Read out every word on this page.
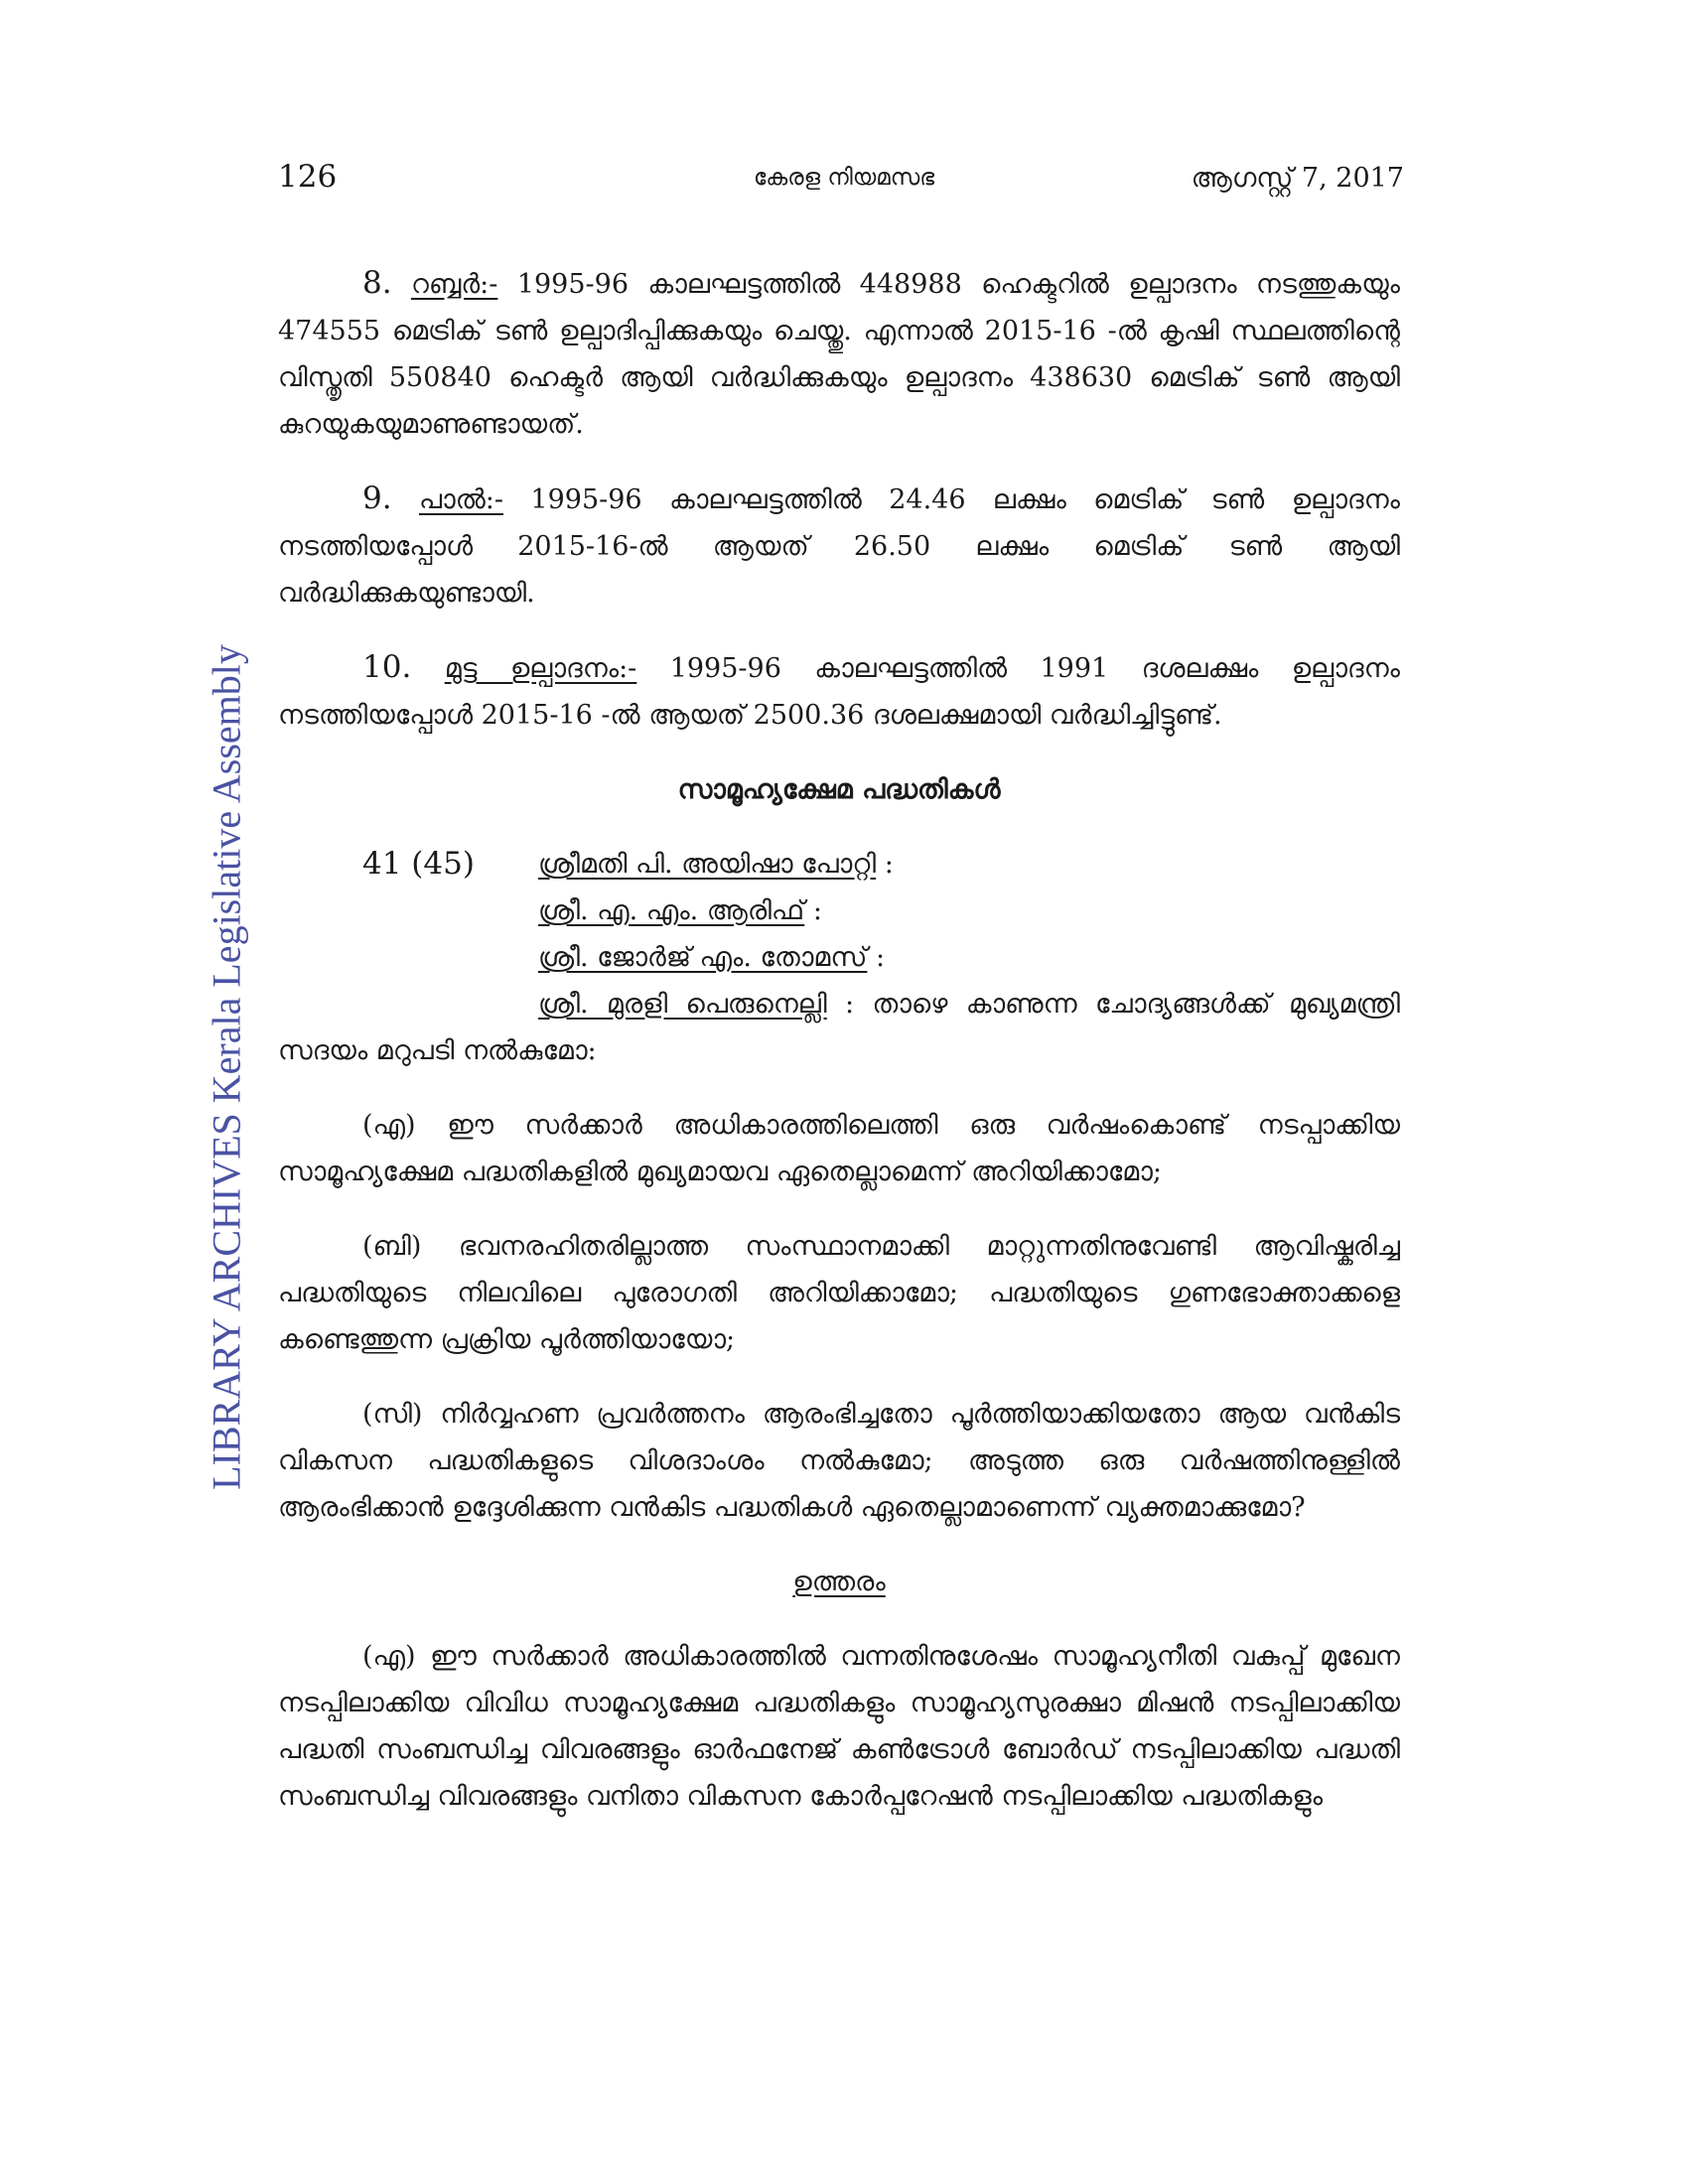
126	കേരള നിയമസഭ	ആഗസ്റ്റ് 7, 2017
LIBRARY ARCHIVES Kerala Legislative Assembly

8. റബ്ബർ:- 1995-96 കാലഘട്ടത്തിൽ 448988 ഹെക്ടറിൽ ഉല്പാദനം നടത്തുകയും 474555 മെട്രിക് ടൺ ഉല്പാദിപ്പിക്കുകയും ചെയ്തു. എന്നാൽ 2015-16 -ൽ കൃഷി സ്ഥലത്തിന്റെ വിസ്തൃതി 550840 ഹെക്ടർ ആയി വർദ്ധിക്കുകയും ഉല്പാദനം 438630 മെട്രിക് ടൺ ആയി കുറയുകയുമാണുണ്ടായത്.

9. പാൽ:- 1995-96 കാലഘട്ടത്തിൽ 24.46 ലക്ഷം മെട്രിക് ടൺ ഉല്പാദനം നടത്തിയപ്പോൾ 2015-16-ൽ ആയത് 26.50 ലക്ഷം മെട്രിക് ടൺ ആയി വർദ്ധിക്കുകയുണ്ടായി.

10. മുട്ട ഉല്പാദനം:- 1995-96 കാലഘട്ടത്തിൽ 1991 ദശലക്ഷം ഉല്പാദനം നടത്തിയപ്പോൾ 2015-16 -ൽ ആയത് 2500.36 ദശലക്ഷമായി വർദ്ധിച്ചിട്ടുണ്ട്.

സാമൂഹ്യക്ഷേമ പദ്ധതികൾ
41 (45)	ശ്രീമതി പി. അയിഷാ പോറ്റി :

ശ്രീ. എ. എം. ആരിഫ് :

ശ്രീ. ജോർജ് എം. തോമസ് :

ശ്രീ. മുരളി പെരുനെല്ലി : താഴെ കാണുന്ന ചോദ്യങ്ങൾക്ക് മുഖ്യമന്ത്രി സദയം മറുപടി നൽകുമോ:

(എ) ഈ സർക്കാർ അധികാരത്തിലെത്തി ഒരു വർഷംകൊണ്ട് നടപ്പാക്കിയ സാമൂഹ്യക്ഷേമ പദ്ധതികളിൽ മുഖ്യമായവ ഏതെല്ലാമെന്ന് അറിയിക്കാമോ;

(ബി) ഭവനരഹിതരില്ലാത്ത സംസ്ഥാനമാക്കി മാറ്റുന്നതിനുവേണ്ടി ആവിഷ്കരിച്ച പദ്ധതിയുടെ നിലവിലെ പുരോഗതി അറിയിക്കാമോ; പദ്ധതിയുടെ ഗുണഭോക്താക്കളെ കണ്ടെത്തുന്ന പ്രക്രിയ പൂർത്തിയായോ;

(സി) നിർവ്വഹണ പ്രവർത്തനം ആരംഭിച്ചതോ പൂർത്തിയാക്കിയതോ ആയ വൻകിട വികസന പദ്ധതികളുടെ വിശദാംശം നൽകുമോ; അടുത്ത ഒരു വർഷത്തിനുള്ളിൽ ആരംഭിക്കാൻ ഉദ്ദേശിക്കുന്ന വൻകിട പദ്ധതികൾ ഏതെല്ലാമാണെന്ന് വ്യക്തമാക്കുമോ?

ഉത്തരം

(എ) ഈ സർക്കാർ അധികാരത്തിൽ വന്നതിനുശേഷം സാമൂഹ്യനീതി വകുപ്പ് മുഖേന നടപ്പിലാക്കിയ വിവിധ സാമൂഹ്യക്ഷേമ പദ്ധതികളും സാമൂഹ്യസുരക്ഷാ മിഷൻ നടപ്പിലാക്കിയ പദ്ധതി സംബന്ധിച്ച വിവരങ്ങളും ഓർഫനേജ് കൺട്രോൾ ബോർഡ് നടപ്പിലാക്കിയ പദ്ധതി സംബന്ധിച്ച വിവരങ്ങളും വനിതാ വികസന കോർപ്പറേഷൻ നടപ്പിലാക്കിയ പദ്ധതികളും
